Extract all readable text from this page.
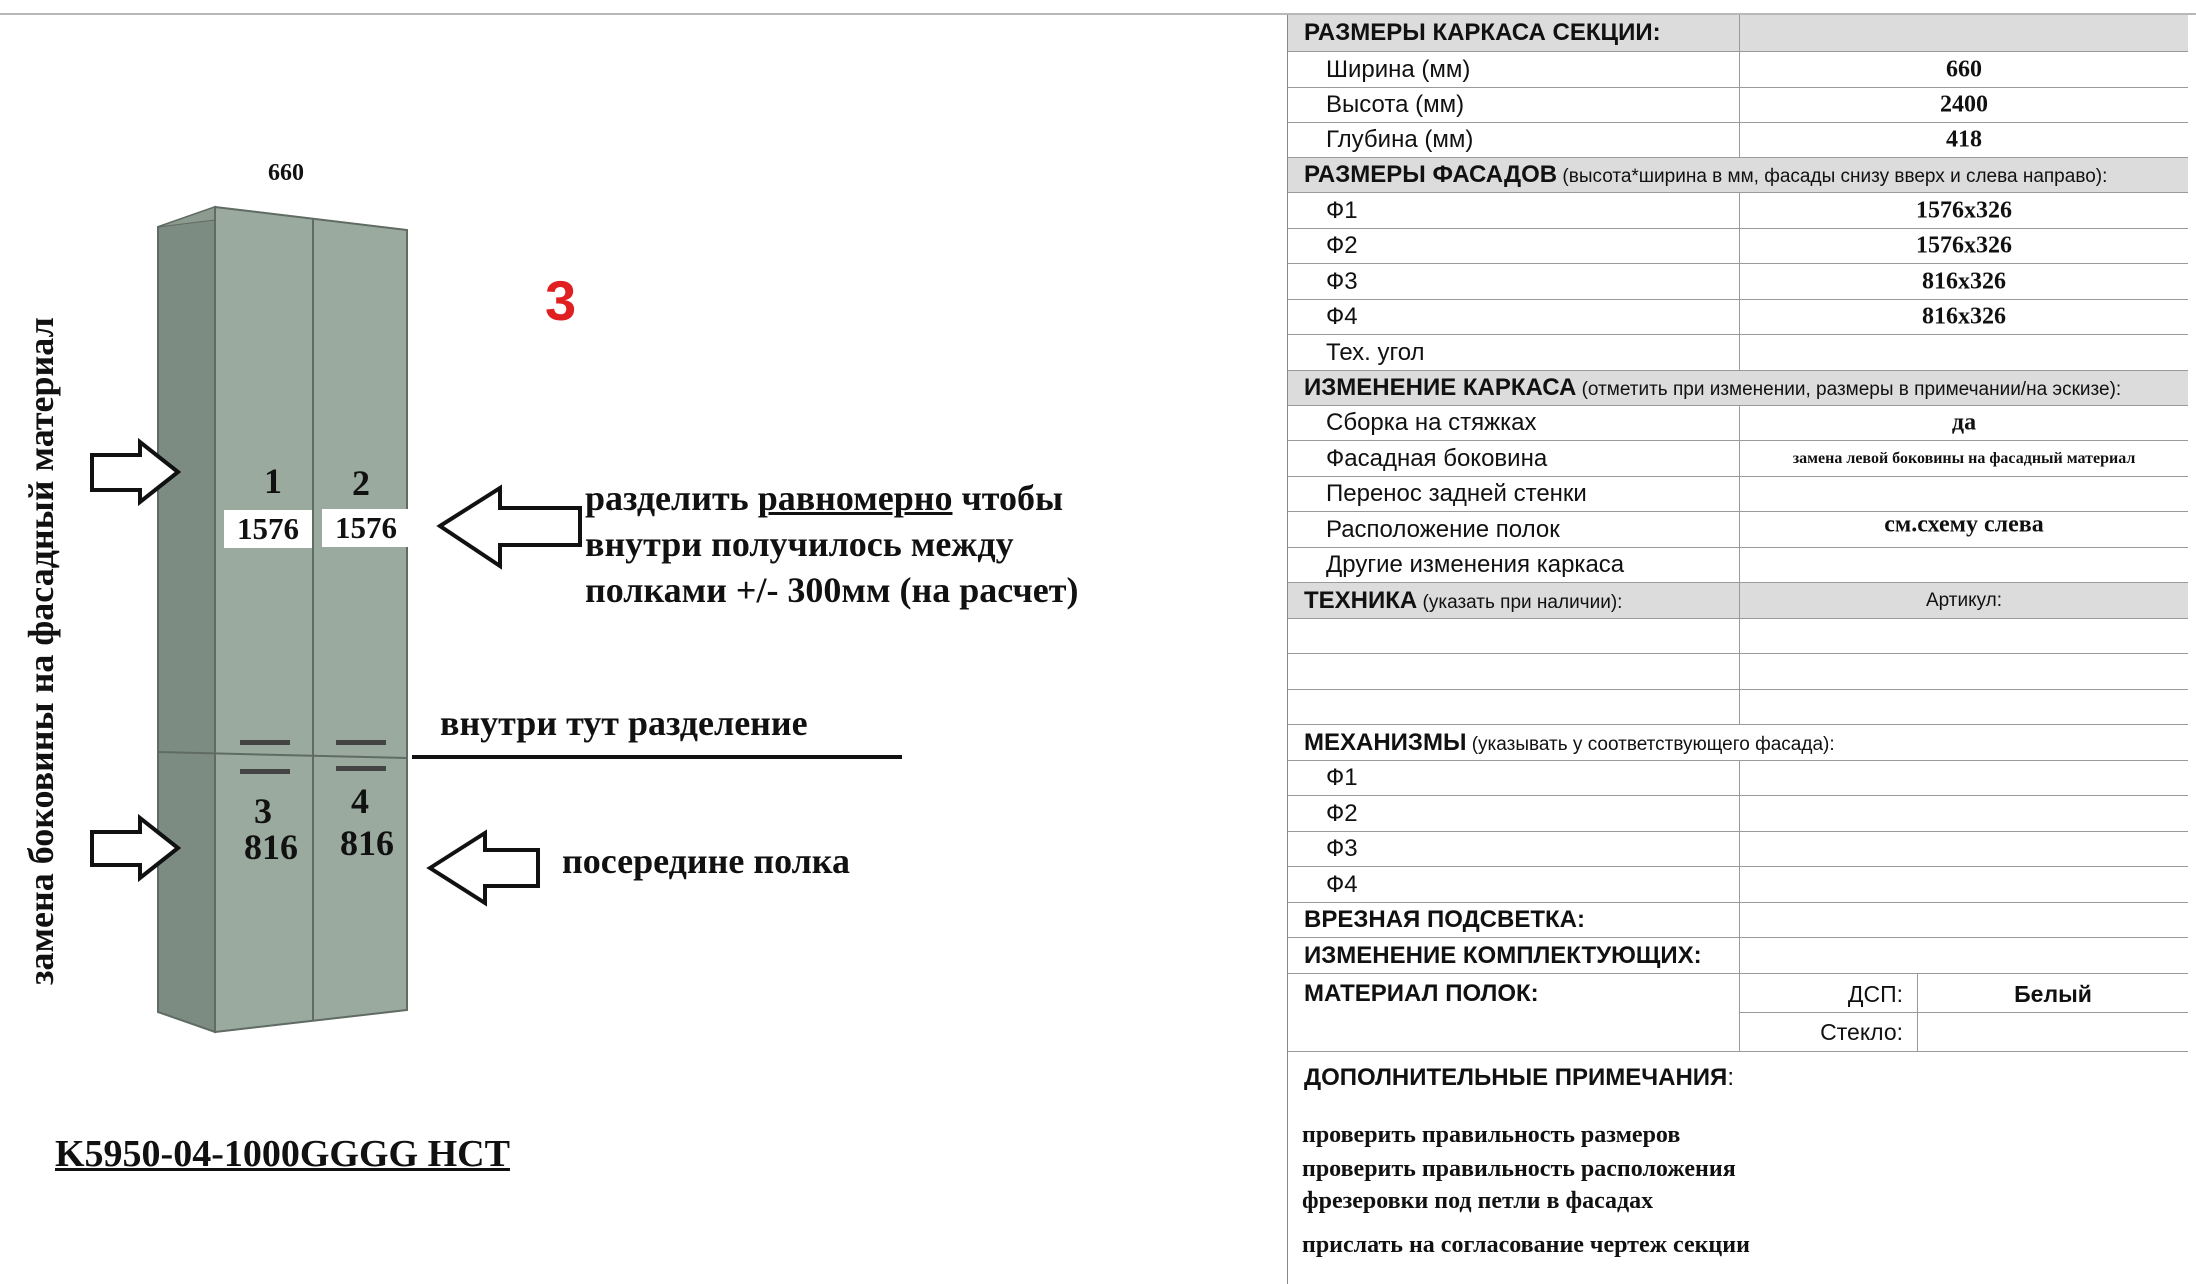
660
3
замена боковины на фасадный материал	1
1576
2
1576
3
816
4
816
разделить равномерно чтобы
внутри получилось между
полками +/- 300мм (на расчет)
внутри тут разделение
посередине полка
K5950-04-1000GGGG НСТ
РАЗМЕРЫ КАРКАСА СЕКЦИИ:
Ширина (мм)	660
Высота (мм)	2400
Глубина (мм)	418
РАЗМЕРЫ ФАСАДОВ (высота*ширина в мм, фасады снизу вверх и слева направо):
Ф1	1576x326
Ф2	1576x326
Ф3	816x326
Ф4	816x326
Тех. угол
ИЗМЕНЕНИЕ КАРКАСА (отметить при изменении, размеры в примечании/на эскизе):
Сборка на стяжках	да
Фасадная боковина	замена левой боковины на фасадный материал
Перенос задней стенки
Расположение полок	см.схему слева
Другие изменения каркаса
ТЕХНИКА (указать при наличии):	Артикул:
МЕХАНИЗМЫ (указывать у соответствующего фасада):
Ф1
Ф2
Ф3
Ф4
ВРЕЗНАЯ ПОДСВЕТКА:
ИЗМЕНЕНИЕ КОМПЛЕКТУЮЩИХ:
МАТЕРИАЛ ПОЛОК:	ДСП:	Белый
Стекло:
ДОПОЛНИТЕЛЬНЫЕ ПРИМЕЧАНИЯ:
проверить правильность размеров
проверить правильность расположения
фрезеровки под петли в фасадах
прислать на согласование чертеж секции
